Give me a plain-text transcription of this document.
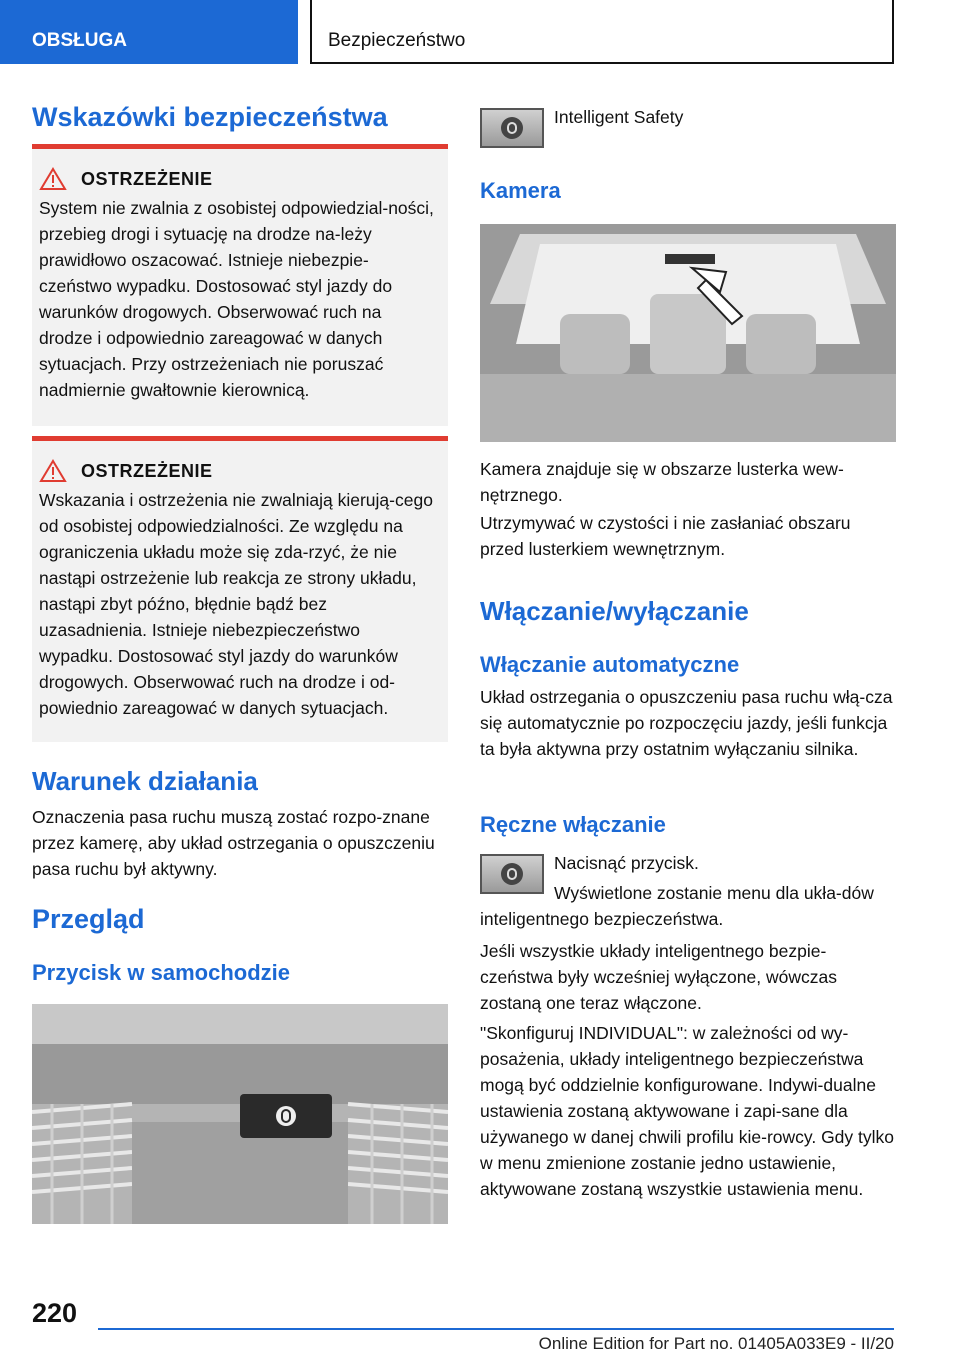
OBSŁUGA	Bezpieczeństwo
Wskazówki bezpieczeństwa
OSTRZEŻENIE

System nie zwalnia z osobistej odpowiedzial-ności, przebieg drogi i sytuację na drodze na-leży prawidłowo oszacować. Istnieje niebezpie-czeństwo wypadku. Dostosować styl jazdy do warunków drogowych. Obserwować ruch na drodze i odpowiednio zareagować w danych sytuacjach. Przy ostrzeżeniach nie poruszać nadmiernie gwałtownie kierownicą.

OSTRZEŻENIE

Wskazania i ostrzeżenia nie zwalniają kierują-cego od osobistej odpowiedzialności. Ze względu na ograniczenia układu może się zda-rzyć, że nie nastąpi ostrzeżenie lub reakcja ze strony układu, nastąpi zbyt późno, błędnie bądź bez uzasadnienia. Istnieje niebezpieczeństwo wypadku. Dostosować styl jazdy do warunków drogowych. Obserwować ruch na drodze i od-powiednio zareagować w danych sytuacjach.

Warunek działania

Oznaczenia pasa ruchu muszą zostać rozpo-znane przez kamerę, aby układ ostrzegania o opuszczeniu pasa ruchu był aktywny.

Przegląd
Przycisk w samochodzie
Intelligent Safety
Kamera

Kamera znajduje się w obszarze lusterka wew-nętrznego.

Utrzymywać w czystości i nie zasłaniać obszaru przed lusterkiem wewnętrznym.

Włączanie/wyłączanie
Włączanie automatyczne

Układ ostrzegania o opuszczeniu pasa ruchu włą-cza się automatycznie po rozpoczęciu jazdy, jeśli funkcja ta była aktywna przy ostatnim wyłączaniu silnika.

Ręczne włączanie

Nacisnąć przycisk.

Wyświetlone zostanie menu dla ukła-dów inteligentnego bezpieczeństwa.

Jeśli wszystkie układy inteligentnego bezpie-czeństwa były wcześniej wyłączone, wówczas zostaną one teraz włączone.

"Skonfiguruj INDIVIDUAL": w zależności od wy-posażenia, układy inteligentnego bezpieczeństwa mogą być oddzielnie konfigurowane. Indywi-dualne ustawienia zostaną aktywowane i zapi-sane dla używanego w danej chwili profilu kie-rowcy. Gdy tylko w menu zmienione zostanie jedno ustawienie, aktywowane zostaną wszystkie ustawienia menu.

220
Online Edition for Part no. 01405A033E9 - II/20
